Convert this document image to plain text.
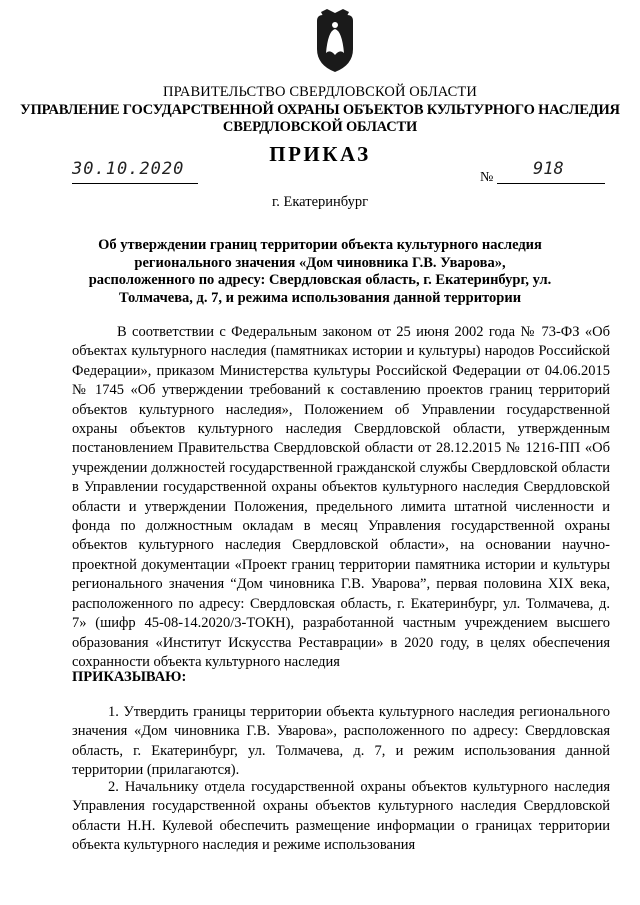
ПРАВИТЕЛЬСТВО СВЕРДЛОВСКОЙ ОБЛАСТИ
УПРАВЛЕНИЕ ГОСУДАРСТВЕННОЙ ОХРАНЫ ОБЪЕКТОВ КУЛЬТУРНОГО НАСЛЕДИЯ
СВЕРДЛОВСКОЙ ОБЛАСТИ
ПРИКАЗ
30.10.2020	№	918
г. Екатеринбург
Об утверждении границ территории объекта культурного наследия регионального значения «Дом чиновника Г.В. Уварова», расположенного по адресу: Свердловская область, г. Екатеринбург, ул. Толмачева, д. 7, и режима использования данной территории
В соответствии с Федеральным законом от 25 июня 2002 года № 73-ФЗ «Об объектах культурного наследия (памятниках истории и культуры) народов Российской Федерации», приказом Министерства культуры Российской Федерации от 04.06.2015 № 1745 «Об утверждении требований к составлению проектов границ территорий объектов культурного наследия», Положением об Управлении государственной охраны объектов культурного наследия Свердловской области, утвержденным постановлением Правительства Свердловской области от 28.12.2015 № 1216-ПП «Об учреждении должностей государственной гражданской службы Свердловской области в Управлении государственной охраны объектов культурного наследия Свердловской области и утверждении Положения, предельного лимита штатной численности и фонда по должностным окладам в месяц Управления государственной охраны объектов культурного наследия Свердловской области», на основании научно-проектной документации «Проект границ территории памятника истории и культуры регионального значения “Дом чиновника Г.В. Уварова”, первая половина XIX века, расположенного по адресу: Свердловская область, г. Екатеринбург, ул. Толмачева, д. 7» (шифр 45-08-14.2020/3-ТОКН), разработанной частным учреждением высшего образования «Институт Искусства Реставрации» в 2020 году, в целях обеспечения сохранности объекта культурного наследия
ПРИКАЗЫВАЮ:
1. Утвердить границы территории объекта культурного наследия регионального значения «Дом чиновника Г.В. Уварова», расположенного по адресу: Свердловская область, г. Екатеринбург, ул. Толмачева, д. 7, и режим использования данной территории (прилагаются).
2. Начальнику отдела государственной охраны объектов культурного наследия Управления государственной охраны объектов культурного наследия Свердловской области Н.Н. Кулевой обеспечить размещение информации о границах территории объекта культурного наследия и режиме использования
